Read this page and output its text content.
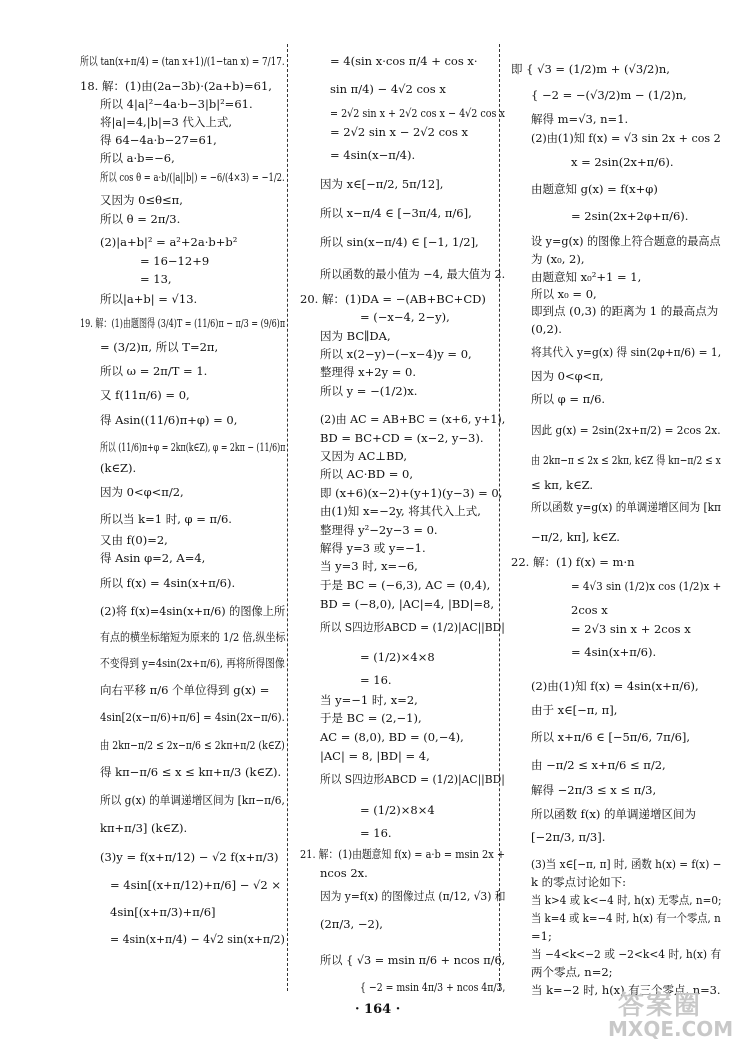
所以 tan(x+π/4) = (tan x+1)/(1−tan x) = 7/17.
18. 解：(1)由(2a−3b)·(2a+b)=61,
所以 4|a|²−4a·b−3|b|²=61.
将|a|=4,|b|=3 代入上式,
得 64−4a·b−27=61,
所以 a·b=−6,
所以 cos θ = a·b/(|a||b|) = −6/(4×3) = −1/2.
又因为 0≤θ≤π,
所以 θ = 2π/3.
(2)|a+b|² = a²+2a·b+b²
= 16−12+9
= 13,
所以|a+b| = √13.
19. 解：(1)由题图得 (3/4)T = (11/6)π − π/3 = (9/6)π
= (3/2)π, 所以 T=2π,
所以 ω = 2π/T = 1.
又 f(11π/6) = 0,
得 Asin((11/6)π+φ) = 0,
所以 (11/6)π+φ = 2kπ(k∈Z), φ = 2kπ − (11/6)π
(k∈Z).
因为 0<φ<π/2,
所以当 k=1 时, φ = π/6.
又由 f(0)=2,
得 Asin φ=2, A=4,
所以 f(x) = 4sin(x+π/6).
(2)将 f(x)=4sin(x+π/6) 的图像上所
有点的横坐标缩短为原来的 1/2 倍,纵坐标
不变得到 y=4sin(2x+π/6), 再将所得图像
向右平移 π/6 个单位得到 g(x) =
4sin[2(x−π/6)+π/6] = 4sin(2x−π/6).
由 2kπ−π/2 ≤ 2x−π/6 ≤ 2kπ+π/2 (k∈Z)
得 kπ−π/6 ≤ x ≤ kπ+π/3 (k∈Z).
所以 g(x) 的单调递增区间为 [kπ−π/6,
kπ+π/3] (k∈Z).
(3)y = f(x+π/12) − √2 f(x+π/3)
= 4sin[(x+π/12)+π/6] − √2 ×
4sin[(x+π/3)+π/6]
= 4sin(x+π/4) − 4√2 sin(x+π/2)
= 4(sin x·cos π/4 + cos x·
sin π/4) − 4√2 cos x
= 2√2 sin x + 2√2 cos x − 4√2 cos x
= 2√2 sin x − 2√2 cos x
= 4sin(x−π/4).
因为 x∈[−π/2, 5π/12],
所以 x−π/4 ∈ [−3π/4, π/6],
所以 sin(x−π/4) ∈ [−1, 1/2],
所以函数的最小值为 −4, 最大值为 2.
20. 解：(1)DA = −(AB+BC+CD)
= (−x−4, 2−y),
因为 BC∥DA,
所以 x(2−y)−(−x−4)y = 0,
整理得 x+2y = 0.
所以 y = −(1/2)x.
(2)由 AC = AB+BC = (x+6, y+1),
BD = BC+CD = (x−2, y−3).
又因为 AC⊥BD,
所以 AC·BD = 0,
即 (x+6)(x−2)+(y+1)(y−3) = 0,
由(1)知 x=−2y, 将其代入上式,
整理得 y²−2y−3 = 0.
解得 y=3 或 y=−1.
当 y=3 时, x=−6,
于是 BC = (−6,3), AC = (0,4),
BD = (−8,0), |AC|=4, |BD|=8,
所以 S四边形ABCD = (1/2)|AC||BD|
= (1/2)×4×8
= 16.
当 y=−1 时, x=2,
于是 BC = (2,−1),
AC = (8,0), BD = (0,−4),
|AC| = 8, |BD| = 4,
所以 S四边形ABCD = (1/2)|AC||BD|
= (1/2)×8×4
= 16.
21. 解：(1)由题意知 f(x) = a·b = msin 2x +
ncos 2x.
因为 y=f(x) 的图像过点 (π/12, √3) 和
(2π/3, −2),
所以 { √3 = msin π/6 + ncos π/6,
{ −2 = msin 4π/3 + ncos 4π/3,
即 { √3 = (1/2)m + (√3/2)n,
{ −2 = −(√3/2)m − (1/2)n,
解得 m=√3, n=1.
(2)由(1)知 f(x) = √3 sin 2x + cos 2
x = 2sin(2x+π/6).
由题意知 g(x) = f(x+φ)
= 2sin(2x+2φ+π/6).
设 y=g(x) 的图像上符合题意的最高点
为 (x₀, 2),
由题意知 x₀²+1 = 1,
所以 x₀ = 0,
即到点 (0,3) 的距离为 1 的最高点为
(0,2).
将其代入 y=g(x) 得 sin(2φ+π/6) = 1,
因为 0<φ<π,
所以 φ = π/6.
因此 g(x) = 2sin(2x+π/2) = 2cos 2x.
由 2kπ−π ≤ 2x ≤ 2kπ, k∈Z 得 kπ−π/2 ≤ x
≤ kπ, k∈Z.
所以函数 y=g(x) 的单调递增区间为 [kπ
−π/2, kπ], k∈Z.
22. 解：(1) f(x) = m·n
= 4√3 sin (1/2)x cos (1/2)x +
2cos x
= 2√3 sin x + 2cos x
= 4sin(x+π/6).
(2)由(1)知 f(x) = 4sin(x+π/6),
由于 x∈[−π, π],
所以 x+π/6 ∈ [−5π/6, 7π/6],
由 −π/2 ≤ x+π/6 ≤ π/2,
解得 −2π/3 ≤ x ≤ π/3,
所以函数 f(x) 的单调递增区间为
[−2π/3, π/3].
(3)当 x∈[−π, π] 时, 函数 h(x) = f(x) −
k 的零点讨论如下:
当 k>4 或 k<−4 时, h(x) 无零点, n=0;
当 k=4 或 k=−4 时, h(x) 有一个零点, n
=1;
当 −4<k<−2 或 −2<k<4 时, h(x) 有
两个零点, n=2;
当 k=−2 时, h(x) 有三个零点, n=3.
· 164 ·	答案圈
MXQE.COM
